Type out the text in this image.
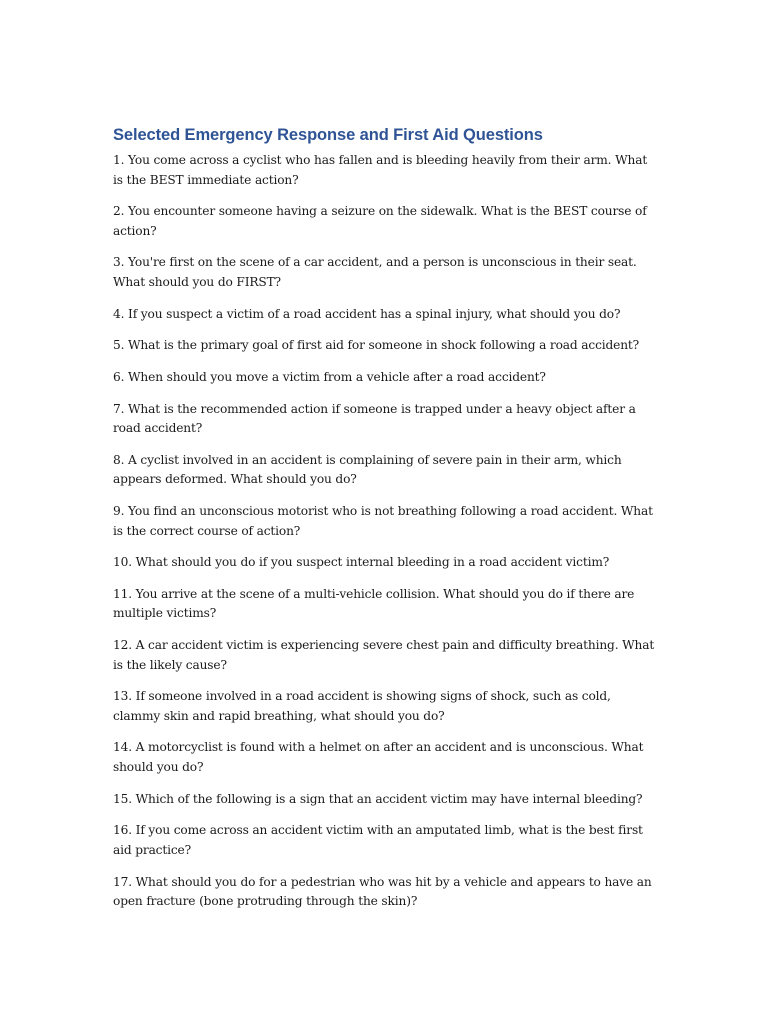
Selected Emergency Response and First Aid Questions
1. You come across a cyclist who has fallen and is bleeding heavily from their arm. What is the BEST immediate action?
2. You encounter someone having a seizure on the sidewalk. What is the BEST course of action?
3. You're first on the scene of a car accident, and a person is unconscious in their seat. What should you do FIRST?
4. If you suspect a victim of a road accident has a spinal injury, what should you do?
5. What is the primary goal of first aid for someone in shock following a road accident?
6. When should you move a victim from a vehicle after a road accident?
7. What is the recommended action if someone is trapped under a heavy object after a road accident?
8. A cyclist involved in an accident is complaining of severe pain in their arm, which appears deformed. What should you do?
9. You find an unconscious motorist who is not breathing following a road accident. What is the correct course of action?
10. What should you do if you suspect internal bleeding in a road accident victim?
11. You arrive at the scene of a multi-vehicle collision. What should you do if there are multiple victims?
12. A car accident victim is experiencing severe chest pain and difficulty breathing. What is the likely cause?
13. If someone involved in a road accident is showing signs of shock, such as cold, clammy skin and rapid breathing, what should you do?
14. A motorcyclist is found with a helmet on after an accident and is unconscious. What should you do?
15. Which of the following is a sign that an accident victim may have internal bleeding?
16. If you come across an accident victim with an amputated limb, what is the best first aid practice?
17. What should you do for a pedestrian who was hit by a vehicle and appears to have an open fracture (bone protruding through the skin)?
